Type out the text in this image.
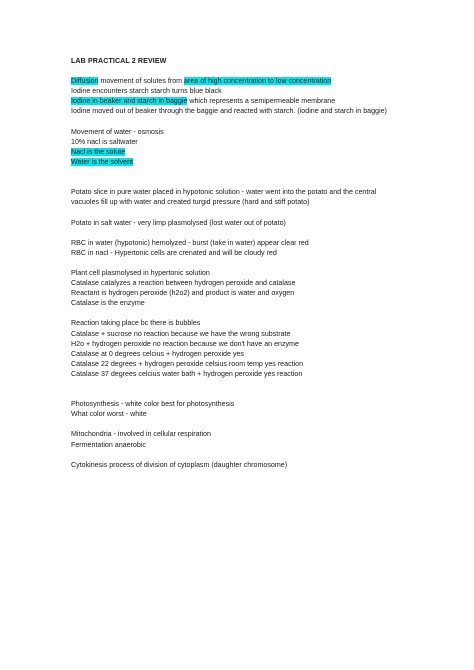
LAB PRACTICAL 2 REVIEW
Diffusion movement of solutes from area of high concentration to low concentration
Iodine encounters starch starch turns blue black
Iodine in beaker and starch in baggie which represents a semipermeable membrane
Iodine moved out of beaker through the baggie and reacted with starch. (iodine and starch in baggie)
Movement of water - osmosis
10% nacl is saltwater
Nacl is the solute
Water is the solvent
Potato slice in pure water placed in hypotonic solution - water went into the potato and the central vacuoles fill up with water and created turgid pressure (hard and stiff potato)
Potato in salt water - very limp plasmolysed (lost water out of potato)
RBC in water (hypotonic) hemolyzed - burst (take in water) appear clear red
RBC in nacl - Hypertonic cells are crenated and will be cloudy red
Plant cell plasmolysed in hypertonic solution
Catalase catalyzes a reaction between hydrogen peroxide and catalase
Reactant is hydrogen peroxide (h2o2) and product is water and oxygen
Catalase is the enzyme
Reaction taking place bc there is bubbles
Catalase + sucrose no reaction because we have the wrong substrate
H2o + hydrogen peroxide no reaction because we don't have an enzyme
Catalase at 0 degrees celcius + hydrogen peroxide yes
Catalase 22 degrees + hydrogen peroxide celsius room temp yes reaction
Catalase 37 degrees celcius water bath + hydrogen peroxide yes reaction
Photosynthesis - white color best for photosynthesis
What color worst - white
Mitochondria - involved in cellular respiration
Fermentation anaerobic
Cytokinesis process of division of cytoplasm (daughter chromosome)
